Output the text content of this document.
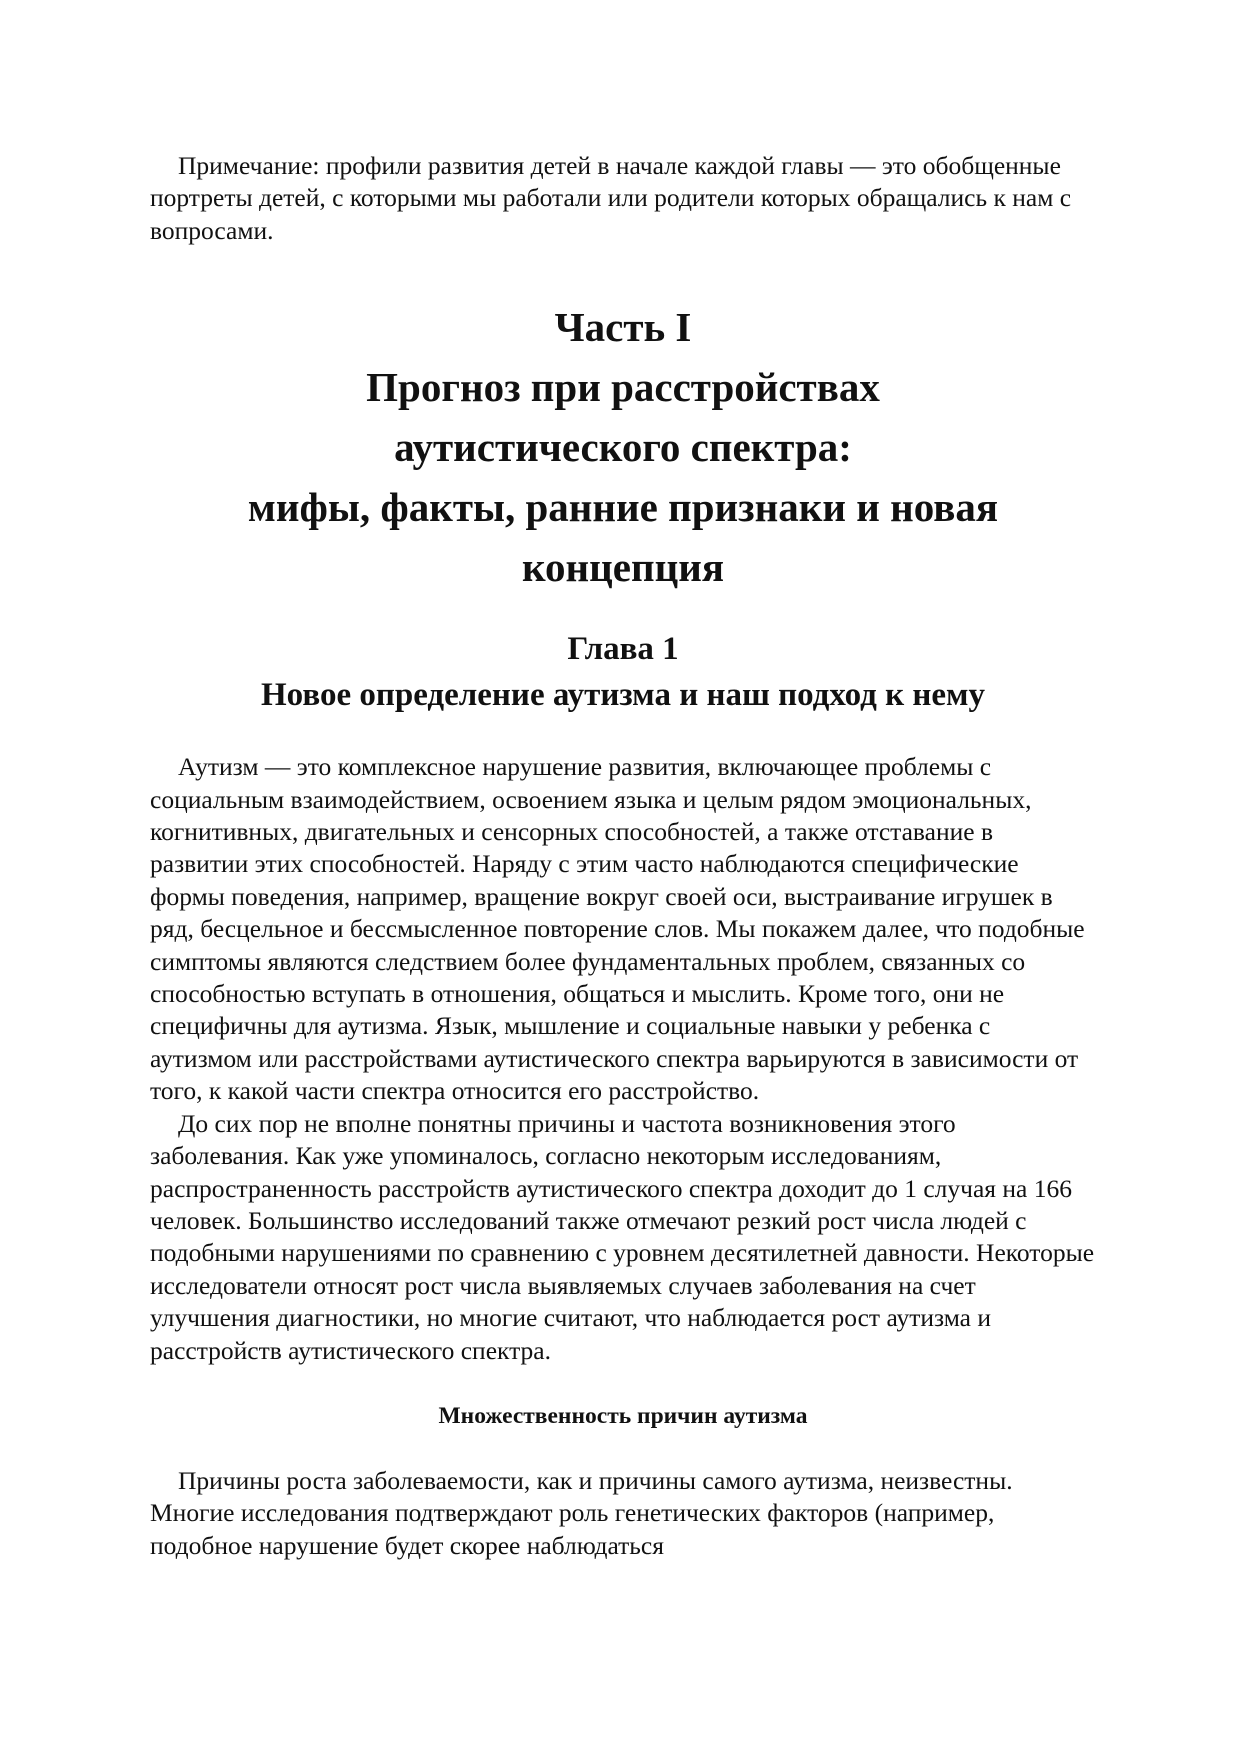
Примечание: профили развития детей в начале каждой главы — это обобщенные портреты детей, с которыми мы работали или родители которых обращались к нам с вопросами.

Часть I
Прогноз при расстройствах
аутистического спектра:
мифы, факты, ранние признаки и новая
концепция
Глава 1
Новое определение аутизма и наш подход к нему

Аутизм — это комплексное нарушение развития, включающее проблемы с социальным взаимодействием, освоением языка и целым рядом эмоциональных, когнитивных, двигательных и сенсорных способностей, а также отставание в развитии этих способностей. Наряду с этим часто наблюдаются специфические формы поведения, например, вращение вокруг своей оси, выстраивание игрушек в ряд, бесцельное и бессмысленное повторение слов. Мы покажем далее, что подобные симптомы являются следствием более фундаментальных проблем, связанных со способностью вступать в отношения, общаться и мыслить. Кроме того, они не специфичны для аутизма. Язык, мышление и социальные навыки у ребенка с аутизмом или расстройствами аутистического спектра варьируются в зависимости от того, к какой части спектра относится его расстройство.

До сих пор не вполне понятны причины и частота возникновения этого заболевания. Как уже упоминалось, согласно некоторым исследованиям, распространенность расстройств аутистического спектра доходит до 1 случая на 166 человек. Большинство исследований также отмечают резкий рост числа людей с подобными нарушениями по сравнению с уровнем десятилетней давности. Некоторые исследователи относят рост числа выявляемых случаев заболевания на счет улучшения диагностики, но многие считают, что наблюдается рост аутизма и расстройств аутистического спектра.

Множественность причин аутизма

Причины роста заболеваемости, как и причины самого аутизма, неизвестны. Многие исследования подтверждают роль генетических факторов (например, подобное нарушение будет скорее наблюдаться
